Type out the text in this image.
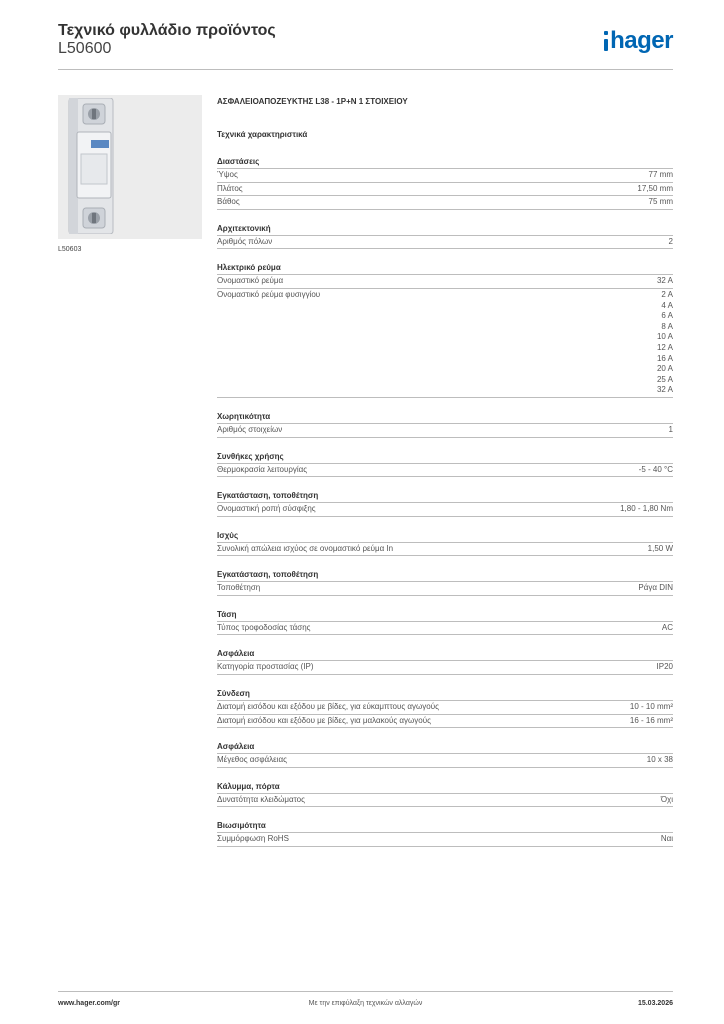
Τεχνικό φυλλάδιο προϊόντος
L50600	hager
L50603
ΑΣΦΑΛΕΙΟΑΠΟΖΕΥΚΤΗΣ L38 - 1P+N 1 ΣΤΟΙΧΕΙΟΥ
Τεχνικά χαρακτηριστικά
Διαστάσεις
Ύψος	77 mm
Πλάτος	17,50 mm
Βάθος	75 mm
Αρχιτεκτονική
Αριθμός πόλων	2
Ηλεκτρικό ρεύμα
Ονομαστικό ρεύμα	32 A
Ονομαστικό ρεύμα φυσιγγίου	2 A
4 A
6 A
8 A
10 A
12 A
16 A
20 A
25 A
32 A
Χωρητικότητα
Αριθμός στοιχείων	1
Συνθήκες χρήσης
Θερμοκρασία λειτουργίας	-5 - 40 °C
Εγκατάσταση, τοποθέτηση
Ονομαστική ροπή σύσφιξης	1,80 - 1,80 Nm
Ισχύς
Συνολική απώλεια ισχύος σε ονομαστικό ρεύμα In	1,50 W
Εγκατάσταση, τοποθέτηση
Τοποθέτηση	Ράγα DIN
Τάση
Τύπος τροφοδοσίας τάσης	AC
Ασφάλεια
Κατηγορία προστασίας (IP)	IP20
Σύνδεση
Διατομή εισόδου και εξόδου με βίδες, για εύκαμπτους αγωγούς	10 - 10 mm²
Διατομή εισόδου και εξόδου με βίδες, για μαλακούς αγωγούς	16 - 16 mm²
Ασφάλεια
Μέγεθος ασφάλειας	10 x 38
Κάλυμμα, πόρτα
Δυνατότητα κλειδώματος	Όχι
Βιωσιμότητα
Συμμόρφωση RoHS	Ναι
Με την επιφύλαξη τεχνικών αλλαγών
www.hager.com/gr	15.03.2026
